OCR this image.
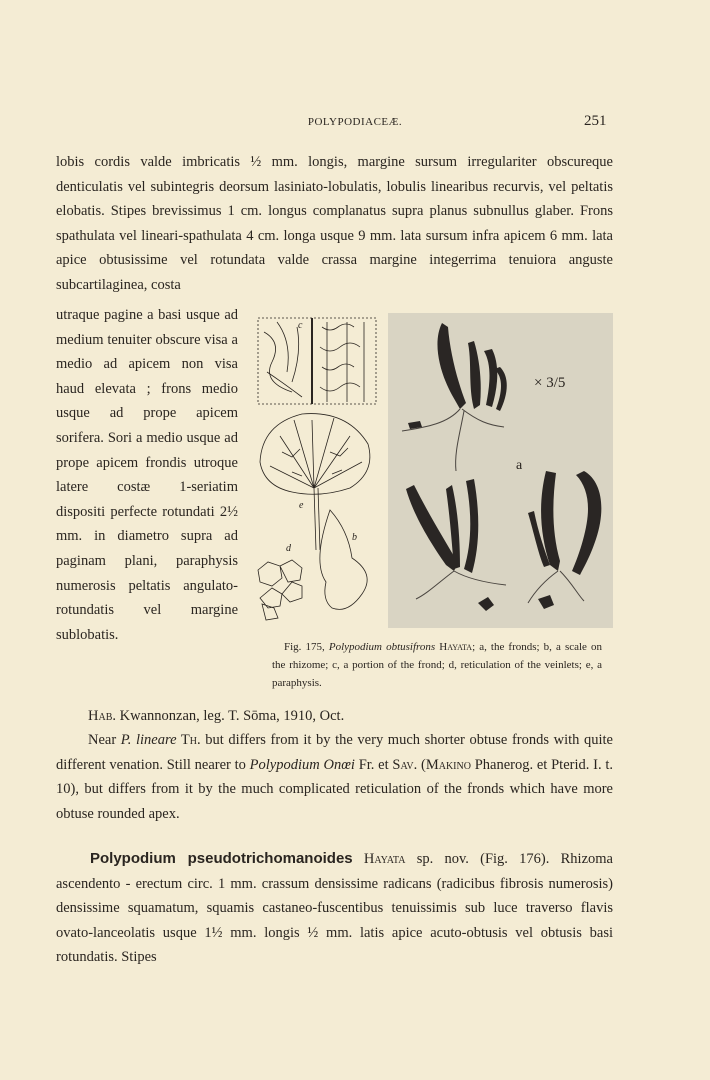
POLYPODIACEÆ.	251
lobis cordis valde imbricatis ½ mm. longis, margine sursum irregulariter obscureque denticulatis vel subintegris deorsum lasiniato-lobulatis, lobulis linearibus recurvis, vel peltatis elobatis. Stipes brevissimus 1 cm. longus complanatus supra planus subnullus glaber. Frons spathulata vel lineari-spathulata 4 cm. longa usque 9 mm. lata sursum infra apicem 6 mm. lata apice obtusissime vel rotundata valde crassa margine integerrima tenuiora anguste subcartilaginea, costa
utraque pagine a basi usque ad medium tenuiter obscure visa a medio ad apicem non visa haud elevata ; frons medio usque ad prope apicem sorifera. Sori a medio usque ad prope apicem frondis utroque latere costæ 1-seriatim dispositi perfecte rotundati 2½ mm. in diametro supra ad paginam plani, paraphysis numerosis peltatis angulato-rotundatis vel margine sublobatis.
c
e
d
b
a
× 3/5
Fig. 175, Polypodium obtusifrons Hayata; a, the fronds; b, a scale on the rhizome; c, a portion of the frond; d, reticulation of the veinlets; e, a paraphysis.
Hab. Kwannonzan, leg. T. Sōma, 1910, Oct.
Near P. lineare Th. but differs from it by the very much shorter obtuse fronds with quite different venation. Still nearer to Polypodium Onœi Fr. et Sav. (Makino Phanerog. et Pterid. I. t. 10), but differs from it by the much complicated reticulation of the fronds which have more obtuse rounded apex.
Polypodium pseudotrichomanoides Hayata sp. nov. (Fig. 176). Rhizoma ascendento - erectum circ. 1 mm. crassum densissime radicans (radicibus fibrosis numerosis) densissime squamatum, squamis castaneo-fuscentibus tenuissimis sub luce traverso flavis ovato-lanceolatis usque 1½ mm. longis ½ mm. latis apice acuto-obtusis vel obtusis basi rotundatis. Stipes
